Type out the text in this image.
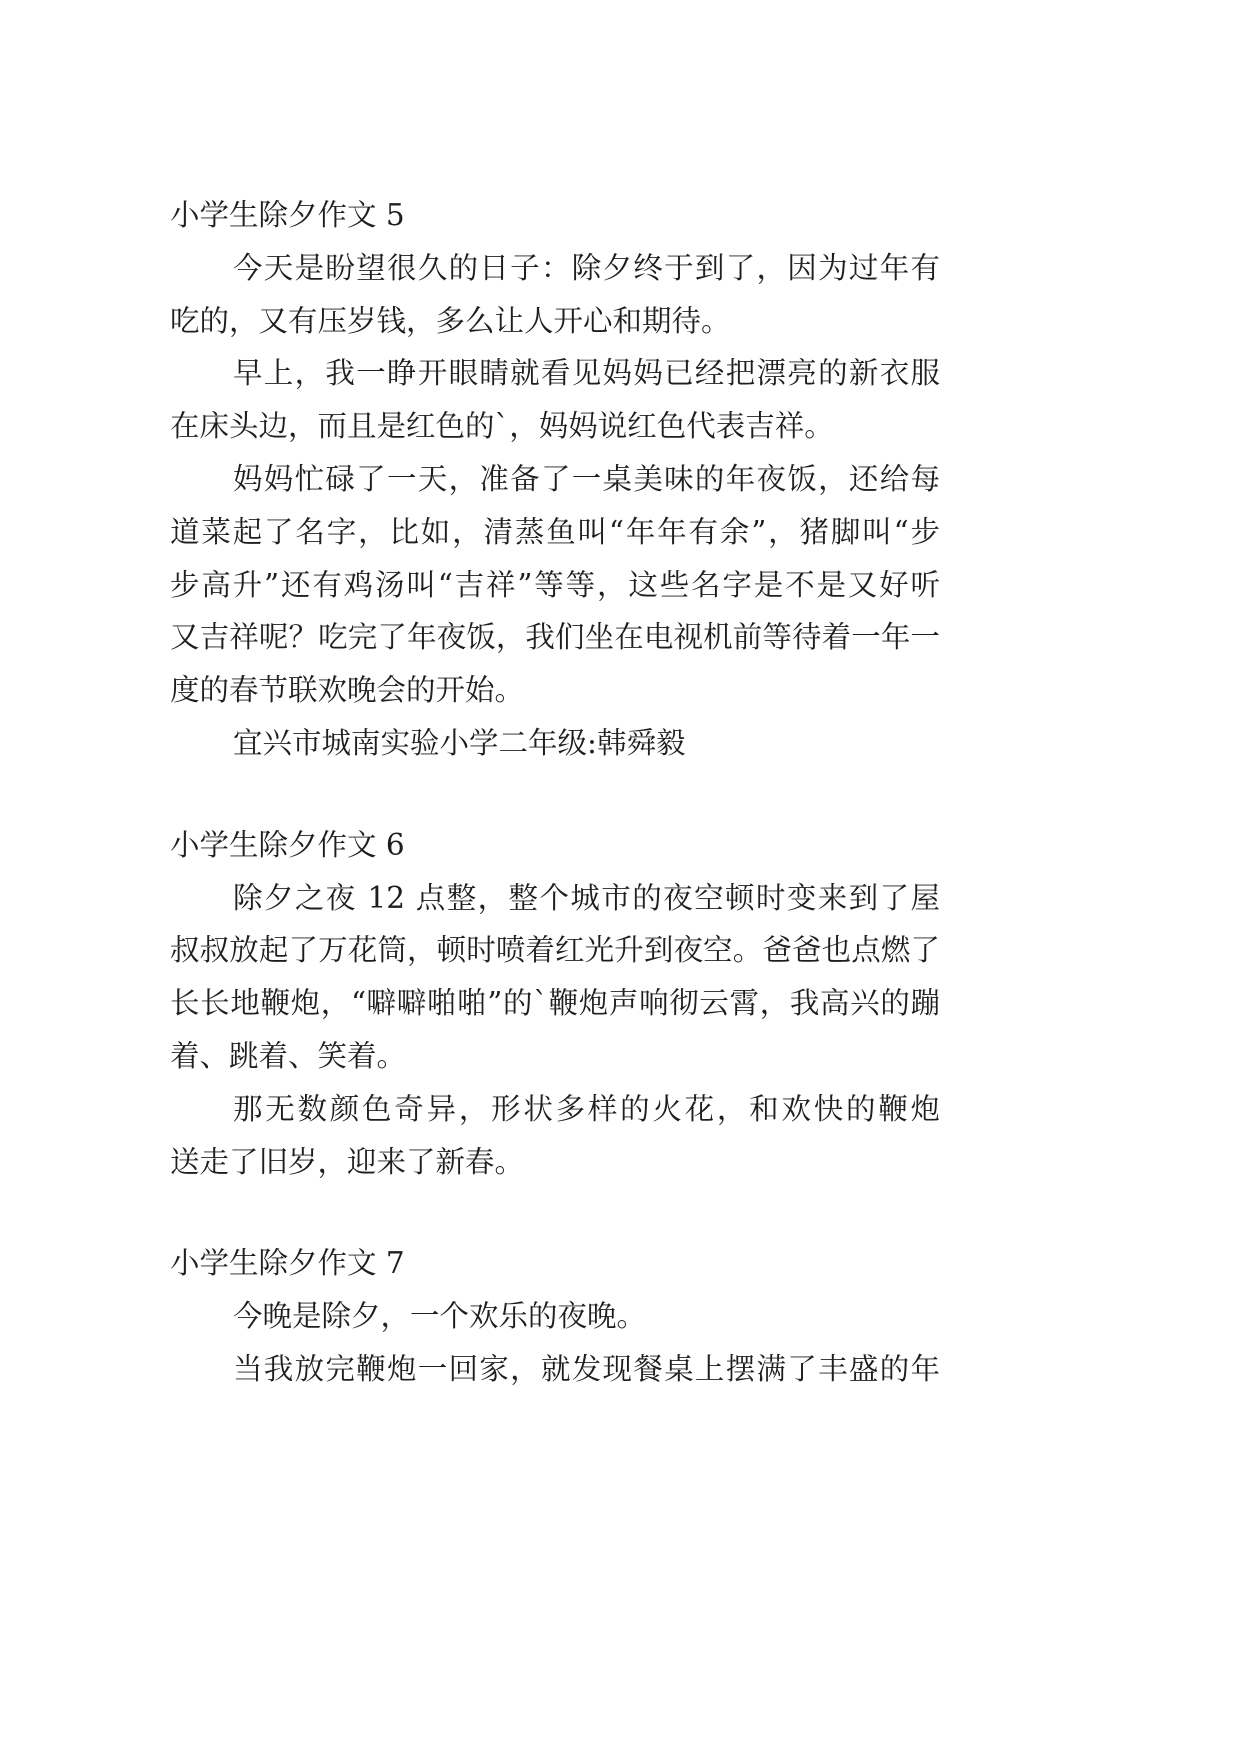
小学生除夕作文 5
今天是盼望很久的日子：除夕终于到了，因为过年有
吃的，又有压岁钱，多么让人开心和期待。
早上，我一睁开眼睛就看见妈妈已经把漂亮的新衣服
在床头边，而且是红色的`，妈妈说红色代表吉祥。
妈妈忙碌了一天，准备了一桌美味的年夜饭，还给每
道菜起了名字，比如，清蒸鱼叫“年年有余”，猪脚叫“步
步高升”还有鸡汤叫“吉祥”等等，这些名字是不是又好听
又吉祥呢？吃完了年夜饭，我们坐在电视机前等待着一年一
度的春节联欢晚会的开始。
宜兴市城南实验小学二年级:韩舜毅
小学生除夕作文 6
除夕之夜 12 点整，整个城市的夜空顿时变来到了屋
叔叔放起了万花筒，顿时喷着红光升到夜空。爸爸也点燃了
长长地鞭炮，“噼噼啪啪”的`鞭炮声响彻云霄，我高兴的蹦
着、跳着、笑着。
那无数颜色奇异，形状多样的火花，和欢快的鞭炮
送走了旧岁，迎来了新春。
小学生除夕作文 7
今晚是除夕，一个欢乐的夜晚。
当我放完鞭炮一回家，就发现餐桌上摆满了丰盛的年
